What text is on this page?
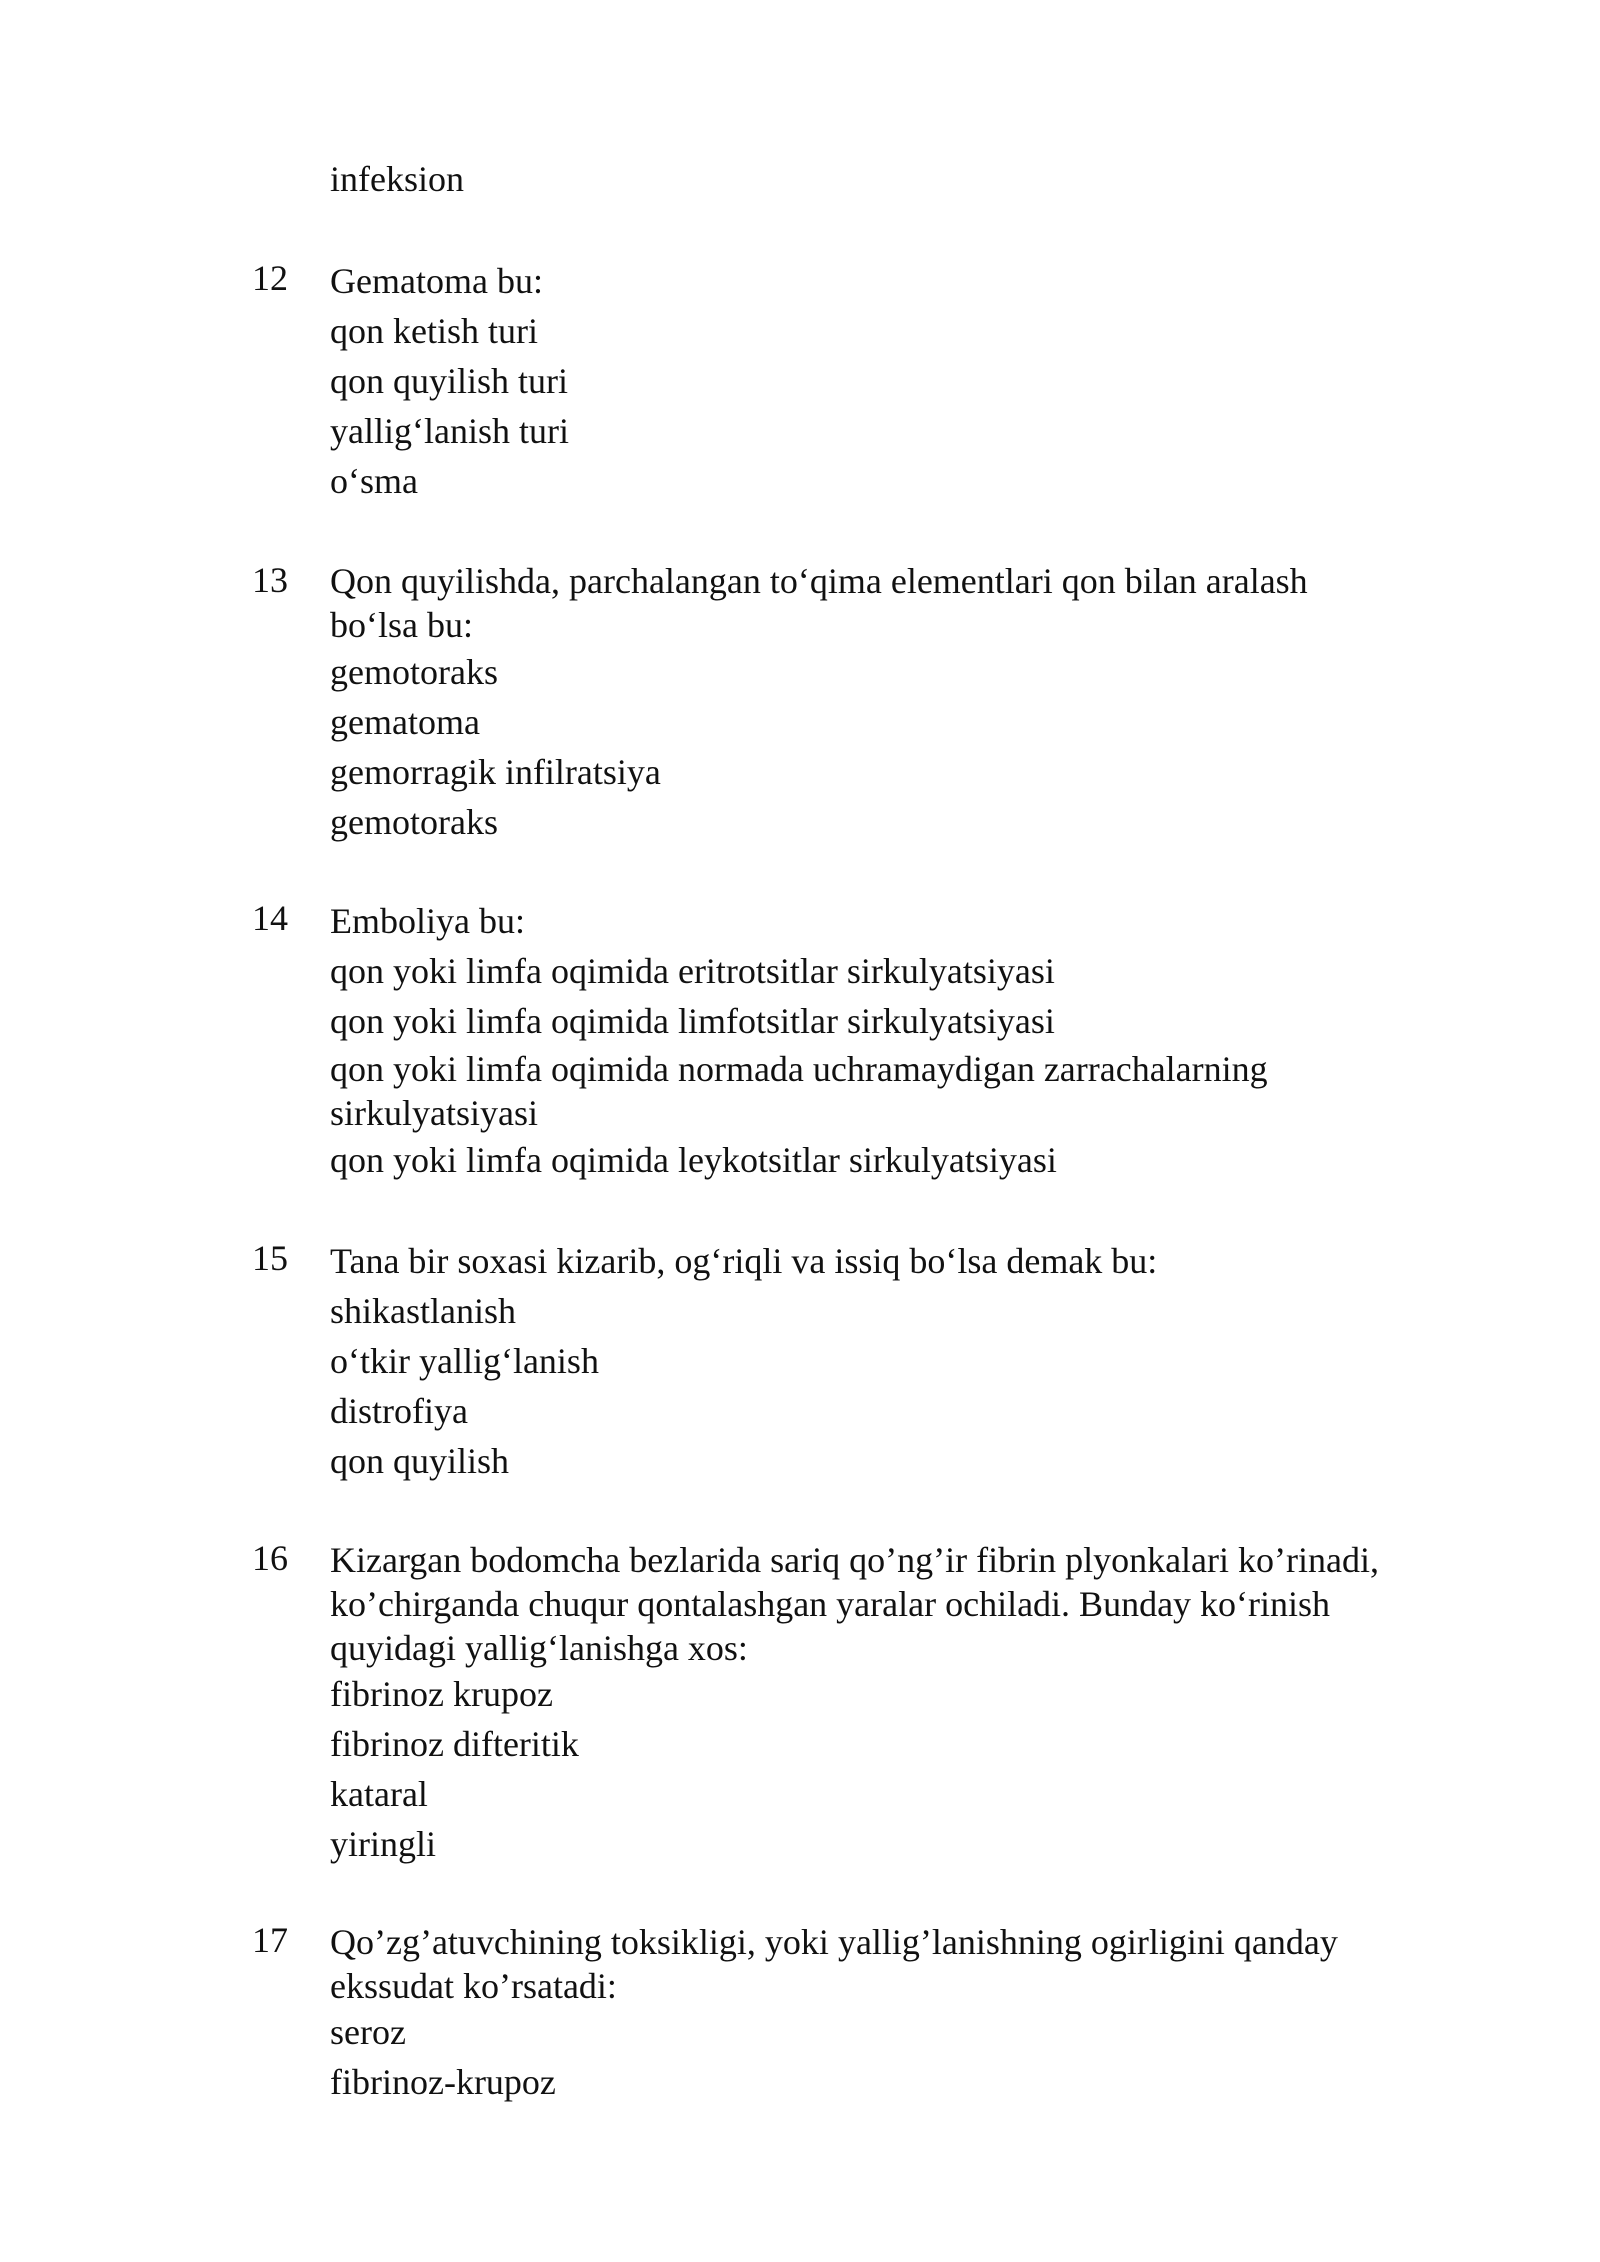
infeksion
12 Gematoma bu:
qon ketish turi
qon quyilish turi
yallig‘lanish turi
o‘sma
13 Qon quyilishda, parchalangan to‘qima elementlari qon bilan aralash
bo‘lsa bu:
gemotoraks
gematoma
gemorragik infilratsiya
gemotoraks
14 Emboliya bu:
qon yoki limfa oqimida eritrotsitlar sirkulyatsiyasi
qon yoki limfa oqimida limfotsitlar sirkulyatsiyasi
qon yoki limfa oqimida normada uchramaydigan zarrachalarning
sirkulyatsiyasi
qon yoki limfa oqimida leykotsitlar sirkulyatsiyasi
15 Tana bir soxasi kizarib, og‘riqli va issiq bo‘lsa demak bu:
shikastlanish
o‘tkir yallig‘lanish
distrofiya
qon quyilish
16 Kizargan bodomcha bezlarida sariq qo’ng’ir fibrin plyonkalari ko’rinadi,
ko’chirganda chuqur qontalashgan yaralar ochiladi. Bunday ko‘rinish
quyidagi yallig‘lanishga xos:
fibrinoz krupoz
fibrinoz difteritik
kataral
yiringli
17 Qo’zg’atuvchining toksikligi, yoki yallig’lanishning ogirligini qanday
ekssudat ko’rsatadi:
seroz
fibrinoz-krupoz
